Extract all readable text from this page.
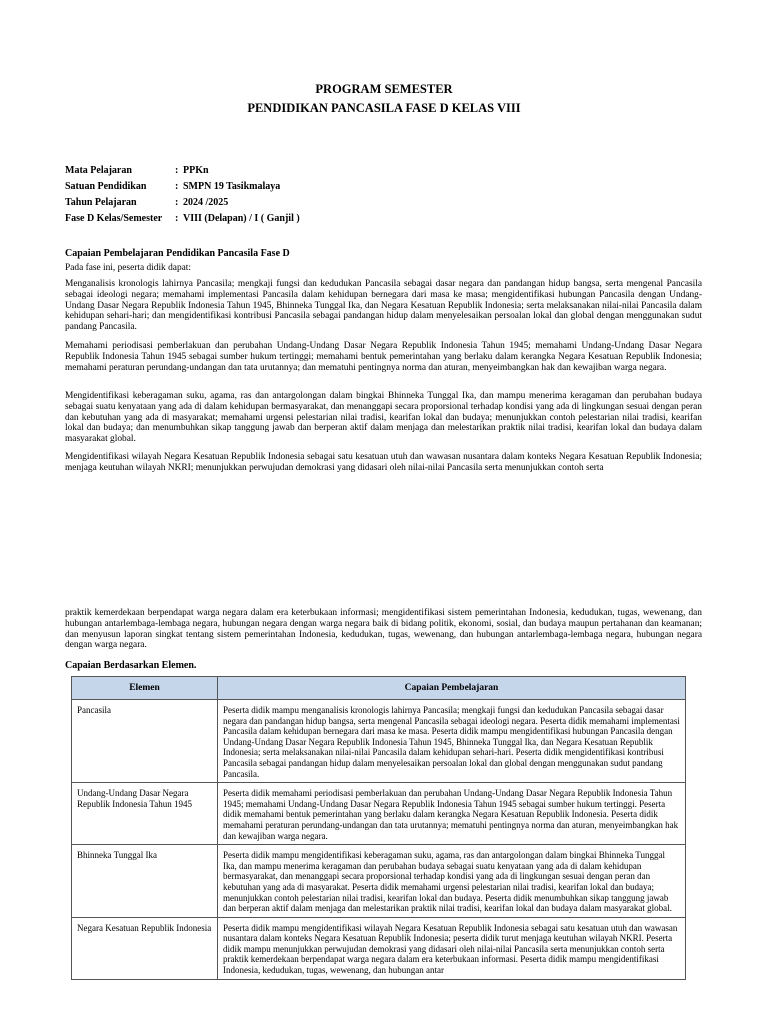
PROGRAM SEMESTER
PENDIDIKAN PANCASILA FASE D KELAS VIII
Mata Pelajaran	: PPKn
Satuan Pendidikan	: SMPN 19 Tasikmalaya
Tahun Pelajaran	: 2024 /2025
Fase D Kelas/Semester	: VIII (Delapan) / I ( Ganjil )
Capaian Pembelajaran Pendidikan Pancasila Fase D
Pada fase ini, peserta didik dapat:
Menganalisis kronologis lahirnya Pancasila; mengkaji fungsi dan kedudukan Pancasila sebagai dasar negara dan pandangan hidup bangsa, serta mengenal Pancasila sebagai ideologi negara; memahami implementasi Pancasila dalam kehidupan bernegara dari masa ke masa; mengidentifikasi hubungan Pancasila dengan Undang-Undang Dasar Negara Republik Indonesia Tahun 1945, Bhinneka Tunggal Ika, dan Negara Kesatuan Republik Indonesia; serta melaksanakan nilai-nilai Pancasila dalam kehidupan sehari-hari; dan mengidentifikasi kontribusi Pancasila sebagai pandangan hidup dalam menyelesaikan persoalan lokal dan global dengan menggunakan sudut pandang Pancasila.
Memahami periodisasi pemberlakuan dan perubahan Undang-Undang Dasar Negara Republik Indonesia Tahun 1945; memahami Undang-Undang Dasar Negara Republik Indonesia Tahun 1945 sebagai sumber hukum tertinggi; memahami bentuk pemerintahan yang berlaku dalam kerangka Negara Kesatuan Republik Indonesia; memahami peraturan perundang-undangan dan tata urutannya; dan mematuhi pentingnya norma dan aturan, menyeimbangkan hak dan kewajiban warga negara.
Mengidentifikasi keberagaman suku, agama, ras dan antargolongan dalam bingkai Bhinneka Tunggal Ika, dan mampu menerima keragaman dan perubahan budaya sebagai suatu kenyataan yang ada di dalam kehidupan bermasyarakat, dan menanggapi secara proporsional terhadap kondisi yang ada di lingkungan sesuai dengan peran dan kebutuhan yang ada di masyarakat; memahami urgensi pelestarian nilai tradisi, kearifan lokal dan budaya; menunjukkan contoh pelestarian nilai tradisi, kearifan lokal dan budaya; dan menumbuhkan sikap tanggung jawab dan berperan aktif dalam menjaga dan melestarikan praktik nilai tradisi, kearifan lokal dan budaya dalam masyarakat global.
Mengidentifikasi wilayah Negara Kesatuan Republik Indonesia sebagai satu kesatuan utuh dan wawasan nusantara dalam konteks Negara Kesatuan Republik Indonesia; menjaga keutuhan wilayah NKRI; menunjukkan perwujudan demokrasi yang didasari oleh nilai-nilai Pancasila serta menunjukkan contoh serta
praktik kemerdekaan berpendapat warga negara dalam era keterbukaan informasi; mengidentifikasi sistem pemerintahan Indonesia, kedudukan, tugas, wewenang, dan hubungan antarlembaga-lembaga negara, hubungan negara dengan warga negara baik di bidang politik, ekonomi, sosial, dan budaya maupun pertahanan dan keamanan; dan menyusun laporan singkat tentang sistem pemerintahan Indonesia, kedudukan, tugas, wewenang, dan hubungan antarlembaga-lembaga negara, hubungan negara dengan warga negara.
Capaian Berdasarkan Elemen.
Elemen	Capaian Pembelajaran
Pancasila	Peserta didik mampu menganalisis kronologis lahirnya Pancasila; mengkaji fungsi dan kedudukan Pancasila sebagai dasar negara dan pandangan hidup bangsa, serta mengenal Pancasila sebagai ideologi negara. Peserta didik memahami implementasi Pancasila dalam kehidupan bernegara dari masa ke masa. Peserta didik mampu mengidentifikasi hubungan Pancasila dengan Undang-Undang Dasar Negara Republik Indonesia Tahun 1945, Bhinneka Tunggal Ika, dan Negara Kesatuan Republik Indonesia; serta melaksanakan nilai-nilai Pancasila dalam kehidupan sehari-hari. Peserta didik mengidentifikasi kontribusi Pancasila sebagai pandangan hidup dalam menyelesaikan persoalan lokal dan global dengan menggunakan sudut pandang Pancasila.
Undang-Undang Dasar Negara Republik Indonesia Tahun 1945	Peserta didik memahami periodisasi pemberlakuan dan perubahan Undang-Undang Dasar Negara Republik Indonesia Tahun 1945; memahami Undang-Undang Dasar Negara Republik Indonesia Tahun 1945 sebagai sumber hukum tertinggi. Peserta didik memahami bentuk pemerintahan yang berlaku dalam kerangka Negara Kesatuan Republik Indonesia. Peserta didik memahami peraturan perundang-undangan dan tata urutannya; mematuhi pentingnya norma dan aturan, menyeimbangkan hak dan kewajiban warga negara.
Bhinneka Tunggal Ika	Peserta didik mampu mengidentifikasi keberagaman suku, agama, ras dan antargolongan dalam bingkai Bhinneka Tunggal Ika, dan mampu menerima keragaman dan perubahan budaya sebagai suatu kenyataan yang ada di dalam kehidupan bermasyarakat, dan menanggapi secara proporsional terhadap kondisi yang ada di lingkungan sesuai dengan peran dan kebutuhan yang ada di masyarakat. Peserta didik memahami urgensi pelestarian nilai tradisi, kearifan lokal dan budaya; menunjukkan contoh pelestarian nilai tradisi, kearifan lokal dan budaya. Peserta didik menumbuhkan sikap tanggung jawab dan berperan aktif dalam menjaga dan melestarikan praktik nilai tradisi, kearifan lokal dan budaya dalam masyarakat global.
Negara Kesatuan Republik Indonesia	Peserta didik mampu mengidentifikasi wilayah Negara Kesatuan Republik Indonesia sebagai satu kesatuan utuh dan wawasan nusantara dalam konteks Negara Kesatuan Republik Indonesia; peserta didik turut menjaga keutuhan wilayah NKRI. Peserta didik mampu menunjukkan perwujudan demokrasi yang didasari oleh nilai-nilai Pancasila serta menunjukkan contoh serta praktik kemerdekaan berpendapat warga negara dalam era keterbukaan informasi. Peserta didik mampu mengidentifikasi Indonesia, kedudukan, tugas, wewenang, dan hubungan antar
